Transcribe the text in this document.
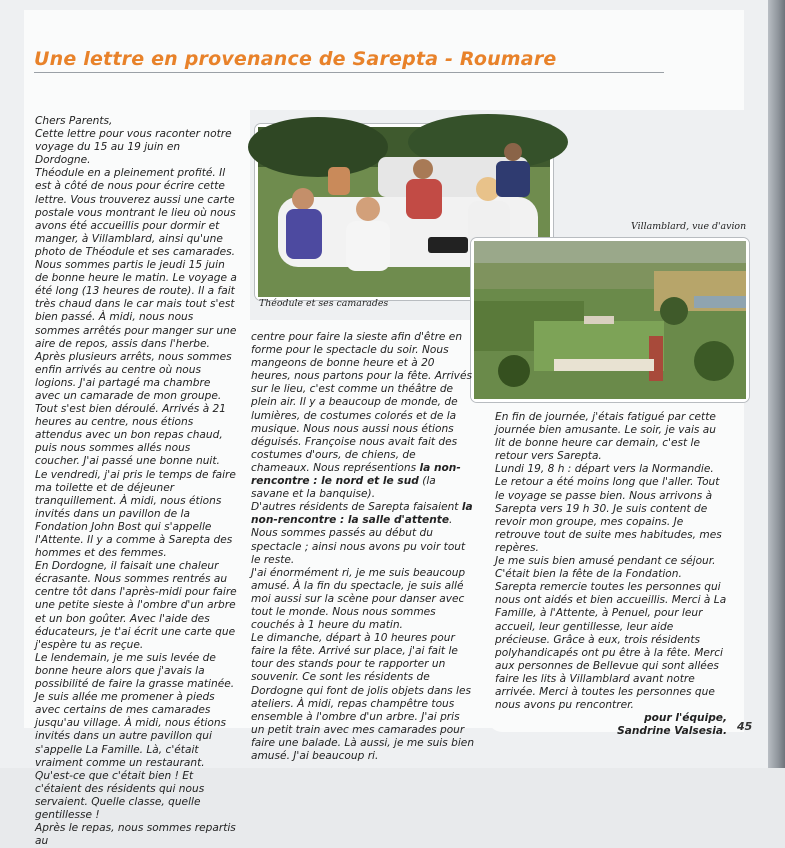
Une lettre en provenance de Sarepta - Roumare

Chers Parents,

Cette lettre pour vous raconter notre voyage du 15 au 19 juin en Dordogne.

Théodule en a pleinement profité. Il est à côté de nous pour écrire cette lettre. Vous trouverez aussi une carte postale vous montrant le lieu où nous avons été accueillis pour dormir et manger, à Villamblard, ainsi qu'une photo de Théodule et ses camarades.

Nous sommes partis le jeudi 15 juin de bonne heure le matin. Le voyage a été long (13 heures de route). Il a fait très chaud dans le car mais tout s'est bien passé. À midi, nous nous sommes arrêtés pour manger sur une aire de repos, assis dans l'herbe. Après plusieurs arrêts, nous sommes enfin arrivés au centre où nous logions. J'ai partagé ma chambre avec un camarade de mon groupe. Tout s'est bien déroulé. Arrivés à 21 heures au centre, nous étions attendus avec un bon repas chaud, puis nous sommes allés nous coucher. J'ai passé une bonne nuit.

Le vendredi, j'ai pris le temps de faire ma toilette et de déjeuner tranquillement. À midi, nous étions invités dans un pavillon de la Fondation John Bost qui s'appelle l'Attente. Il y a comme à Sarepta des hommes et des femmes.

En Dordogne, il faisait une chaleur écrasante. Nous sommes rentrés au centre tôt dans l'après-midi pour faire une petite sieste à l'ombre d'un arbre et un bon goûter. Avec l'aide des éducateurs, je t'ai écrit une carte que j'espère tu as reçue.

Le lendemain, je me suis levée de bonne heure alors que j'avais la possibilité de faire la grasse matinée. Je suis allée me promener à pieds avec certains de mes camarades jusqu'au village. À midi, nous étions invités dans un autre pavillon qui s'appelle La Famille. Là, c'était vraiment comme un restaurant. Qu'est-ce que c'était bien ! Et c'étaient des résidents qui nous servaient. Quelle classe, quelle gentillesse !

Après le repas, nous sommes repartis au

Théodule et ses camarades
Villamblard, vue d'avion

centre pour faire la sieste afin d'être en forme pour le spectacle du soir. Nous mangeons de bonne heure et à 20 heures, nous partons pour la fête. Arrivés sur le lieu, c'est comme un théâtre de plein air. Il y a beaucoup de monde, de lumières, de costumes colorés et de la musique. Nous nous aussi nous étions déguisés. Françoise nous avait fait des costumes d'ours, de chiens, de chameaux. Nous représentions la non-rencontre : le nord et le sud (la savane et la banquise).

D'autres résidents de Sarepta faisaient la non-rencontre : la salle d'attente. Nous sommes passés au début du spectacle ; ainsi nous avons pu voir tout le reste.

J'ai énormément ri, je me suis beaucoup amusé. À la fin du spectacle, je suis allé moi aussi sur la scène pour danser avec tout le monde. Nous nous sommes couchés à 1 heure du matin.

Le dimanche, départ à 10 heures pour faire la fête. Arrivé sur place, j'ai fait le tour des stands pour te rapporter un souvenir. Ce sont les résidents de Dordogne qui font de jolis objets dans les ateliers. À midi, repas champêtre tous ensemble à l'ombre d'un arbre. J'ai pris un petit train avec mes camarades pour faire une balade. Là aussi, je me suis bien amusé. J'ai beaucoup ri.

En fin de journée, j'étais fatigué par cette journée bien amusante. Le soir, je vais au lit de bonne heure car demain, c'est le retour vers Sarepta.

Lundi 19, 8 h : départ vers la Normandie. Le retour a été moins long que l'aller. Tout le voyage se passe bien. Nous arrivons à Sarepta vers 19 h 30. Je suis content de revoir mon groupe, mes copains. Je retrouve tout de suite mes habitudes, mes repères.

Je me suis bien amusé pendant ce séjour. C'était bien la fête de la Fondation.

Sarepta remercie toutes les personnes qui nous ont aidés et bien accueillis. Merci à La Famille, à l'Attente, à Penuel, pour leur accueil, leur gentillesse, leur aide précieuse. Grâce à eux, trois résidents polyhandicapés ont pu être à la fête. Merci aux personnes de Bellevue qui sont allées faire les lits à Villamblard avant notre arrivée. Merci à toutes les personnes que nous avons pu rencontrer.

pour l'équipe,

Sandrine Valsesia. 45
